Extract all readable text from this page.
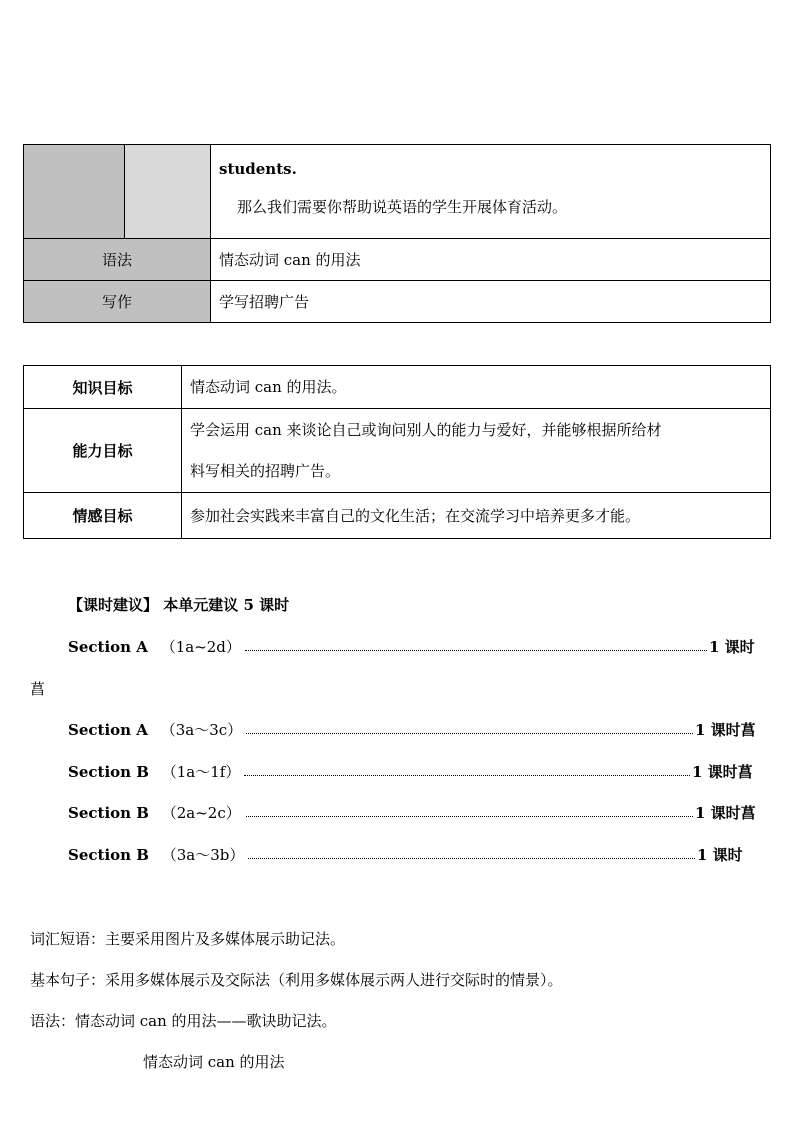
		students.
那么我们需要你帮助说英语的学生开展体育活动。

语法		情态动词 can 的用法
写作		学写招聘广告
知识目标	情态动词 can 的用法。
能力目标	学会运用 can 来谈论自己或询问别人的能力与爱好，并能够根据所给材
料写相关的招聘广告。

情感目标	参加社会实践来丰富自己的文化生活；在交流学习中培养更多才能。
【课时建议】 本单元建议 5 课时
Section A （1a~2d）	1 课时
菖
Section A （3a～3c）	1 课时菖
Section B （1a～1f）	1 课时菖
Section B （2a~2c）	1 课时菖
Section B （3a～3b）	1 课时
词汇短语：主要采用图片及多媒体展示助记法。
基本句子：采用多媒体展示及交际法（利用多媒体展示两人进行交际时的情景）。
语法：情态动词 can 的用法——歌诀助记法。
情态动词 can 的用法
